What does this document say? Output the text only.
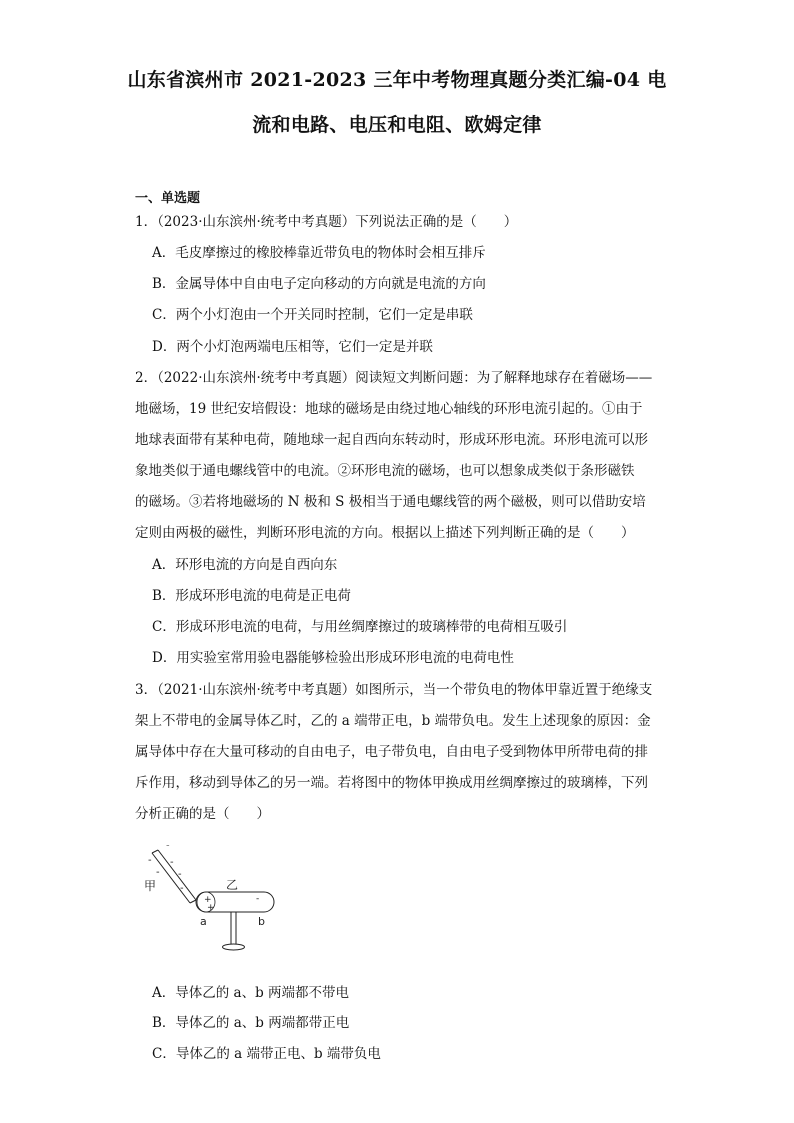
山东省滨州市 2021-2023 三年中考物理真题分类汇编-04 电
流和电路、电压和电阻、欧姆定律
一、单选题
1．（2023·山东滨州·统考中考真题）下列说法正确的是（　　）
A．毛皮摩擦过的橡胶棒靠近带负电的物体时会相互排斥
B．金属导体中自由电子定向移动的方向就是电流的方向
C．两个小灯泡由一个开关同时控制，它们一定是串联
D．两个小灯泡两端电压相等，它们一定是并联
2．（2022·山东滨州·统考中考真题）阅读短文判断问题：为了解释地球存在着磁场——
地磁场，19 世纪安培假设：地球的磁场是由绕过地心轴线的环形电流引起的。①由于
地球表面带有某种电荷，随地球一起自西向东转动时，形成环形电流。环形电流可以形
象地类似于通电螺线管中的电流。②环形电流的磁场，也可以想象成类似于条形磁铁
的磁场。③若将地磁场的 N 极和 S 极相当于通电螺线管的两个磁极，则可以借助安培
定则由两极的磁性，判断环形电流的方向。根据以上描述下列判断正确的是（　　）
A．环形电流的方向是自西向东
B．形成环形电流的电荷是正电荷
C．形成环形电流的电荷，与用丝绸摩擦过的玻璃棒带的电荷相互吸引
D．用实验室常用验电器能够检验出形成环形电流的电荷电性
3．（2021·山东滨州·统考中考真题）如图所示，当一个带负电的物体甲靠近置于绝缘支
架上不带电的金属导体乙时，乙的 a 端带正电，b 端带负电。发生上述现象的原因：金
属导体中存在大量可移动的自由电子，电子带负电，自由电子受到物体甲所带电荷的排
斥作用，移动到导体乙的另一端。若将图中的物体甲换成用丝绸摩擦过的玻璃棒，下列
分析正确的是（　　）
-
- -
- -
-
甲	乙
+
+
-
a	b
A．导体乙的 a、b 两端都不带电
B．导体乙的 a、b 两端都带正电
C．导体乙的 a 端带正电、b 端带负电
